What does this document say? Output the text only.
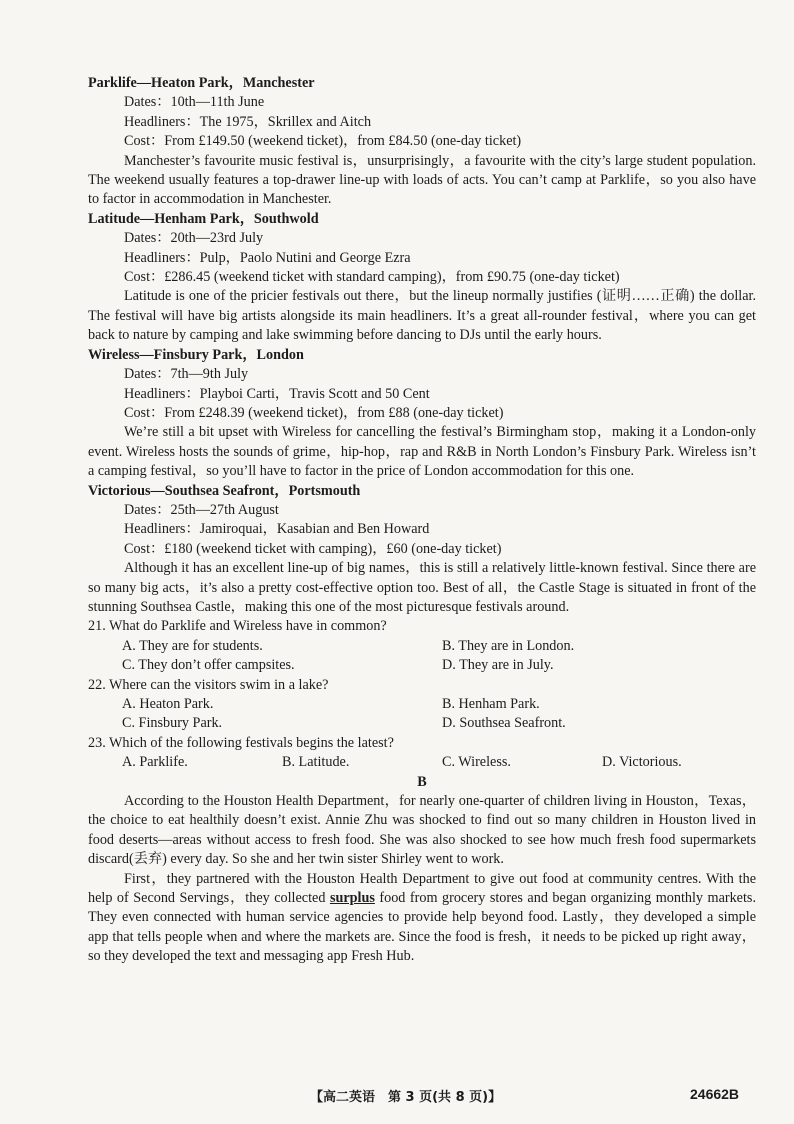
Parklife—Heaton Park，Manchester

Dates：10th—11th June

Headliners：The 1975，Skrillex and Aitch

Cost：From £149.50 (weekend ticket)，from £84.50 (one-day ticket)

Manchester’s favourite music festival is，unsurprisingly，a favourite with the city’s large student population. The weekend usually features a top-drawer line-up with loads of acts. You can’t camp at Parklife，so you also have to factor in accommodation in Manchester.

Latitude—Henham Park，Southwold

Dates：20th—23rd July

Headliners：Pulp，Paolo Nutini and George Ezra

Cost：£286.45 (weekend ticket with standard camping)，from £90.75 (one-day ticket)

Latitude is one of the pricier festivals out there，but the lineup normally justifies (证明……正确) the dollar. The festival will have big artists alongside its main headliners. It’s a great all-rounder festival，where you can get back to nature by camping and lake swimming before dancing to DJs until the early hours.

Wireless—Finsbury Park，London

Dates：7th—9th July

Headliners：Playboi Carti，Travis Scott and 50 Cent

Cost：From £248.39 (weekend ticket)，from £88 (one-day ticket)

We’re still a bit upset with Wireless for cancelling the festival’s Birmingham stop，making it a London-only event. Wireless hosts the sounds of grime，hip-hop，rap and R&B in North London’s Finsbury Park. Wireless isn’t a camping festival，so you’ll have to factor in the price of London accommodation for this one.

Victorious—Southsea Seafront，Portsmouth

Dates：25th—27th August

Headliners：Jamiroquai，Kasabian and Ben Howard

Cost：£180 (weekend ticket with camping)，£60 (one-day ticket)

Although it has an excellent line-up of big names，this is still a relatively little-known festival. Since there are so many big acts，it’s also a pretty cost-effective option too. Best of all，the Castle Stage is situated in front of the stunning Southsea Castle，making this one of the most picturesque festivals around.

21. What do Parklife and Wireless have in common?

A. They are for students.	B. They are in London.
C. They don’t offer campsites.	D. They are in July.

22. Where can the visitors swim in a lake?

A. Heaton Park.	B. Henham Park.
C. Finsbury Park.	D. Southsea Seafront.

23. Which of the following festivals begins the latest?

A. Parklife.	B. Latitude.	C. Wireless.	D. Victorious.

B

According to the Houston Health Department，for nearly one-quarter of children living in Houston，Texas，the choice to eat healthily doesn’t exist. Annie Zhu was shocked to find out so many children in Houston lived in food deserts—areas without access to fresh food. She was also shocked to see how much fresh food supermarkets discard(丢弃) every day. So she and her twin sister Shirley went to work.

First，they partnered with the Houston Health Department to give out food at community centres. With the help of Second Servings，they collected surplus food from grocery stores and began organizing monthly markets. They even connected with human service agencies to provide help beyond food. Lastly，they developed a simple app that tells people when and where the markets are. Since the food is fresh，it needs to be picked up right away，so they developed the text and messaging app Fresh Hub.

【高二英语　第 3 页(共 8 页)】	24662B
